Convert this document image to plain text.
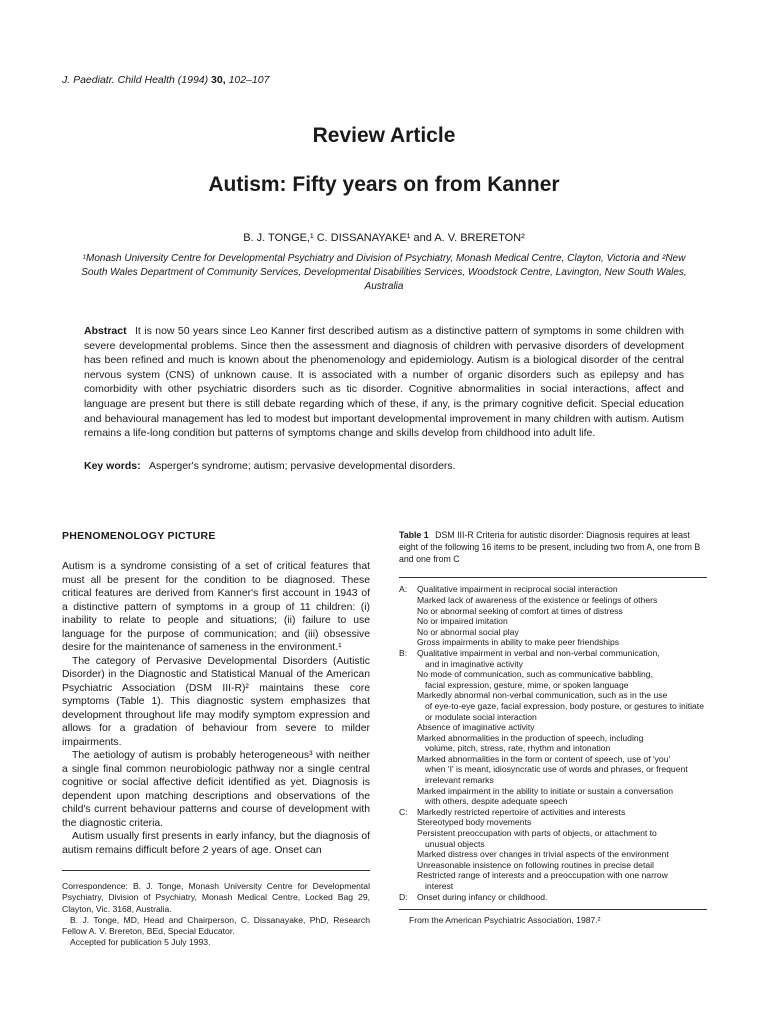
J. Paediatr. Child Health (1994) 30, 102–107
Review Article
Autism: Fifty years on from Kanner
B. J. TONGE,¹ C. DISSANAYAKE¹ and A. V. BRERETON²
¹Monash University Centre for Developmental Psychiatry and Division of Psychiatry, Monash Medical Centre, Clayton, Victoria and ²New South Wales Department of Community Services, Developmental Disabilities Services, Woodstock Centre, Lavington, New South Wales, Australia
Abstract It is now 50 years since Leo Kanner first described autism as a distinctive pattern of symptoms in some children with severe developmental problems. Since then the assessment and diagnosis of children with pervasive disorders of development has been refined and much is known about the phenomenology and epidemiology. Autism is a biological disorder of the central nervous system (CNS) of unknown cause. It is associated with a number of organic disorders such as epilepsy and has comorbidity with other psychiatric disorders such as tic disorder. Cognitive abnormalities in social interactions, affect and language are present but there is still debate regarding which of these, if any, is the primary cognitive deficit. Special education and behavioural management has led to modest but important developmental improvement in many children with autism. Autism remains a life-long condition but patterns of symptoms change and skills develop from childhood into adult life.
Key words: Asperger's syndrome; autism; pervasive developmental disorders.
PHENOMENOLOGY PICTURE

Autism is a syndrome consisting of a set of critical features that must all be present for the condition to be diagnosed. These critical features are derived from Kanner's first account in 1943 of a distinctive pattern of symptoms in a group of 11 children: (i) inability to relate to people and situations; (ii) failure to use language for the purpose of communication; and (iii) obsessive desire for the maintenance of sameness in the environment.¹

The category of Pervasive Developmental Disorders (Autistic Disorder) in the Diagnostic and Statistical Manual of the American Psychiatric Association (DSM III-R)² maintains these core symptoms (Table 1). This diagnostic system emphasizes that development throughout life may modify symptom expression and allows for a gradation of behaviour from severe to milder impairments.

The aetiology of autism is probably heterogeneous³ with neither a single final common neurobiologic pathway nor a single central cognitive or social affective deficit identified as yet. Diagnosis is dependent upon matching descriptions and observations of the child's current behaviour patterns and course of development with the diagnostic criteria.

Autism usually first presents in early infancy, but the diagnosis of autism remains difficult before 2 years of age. Onset can

Correspondence: B. J. Tonge, Monash University Centre for Developmental Psychiatry, Division of Psychiatry, Monash Medical Centre, Locked Bag 29, Clayton, Vic. 3168, Australia.

B. J. Tonge, MD, Head and Chairperson, C. Dissanayake, PhD, Research Fellow A. V. Brereton, BEd, Special Educator.

Accepted for publication 5 July 1993.

Table 1 DSM III-R Criteria for autistic disorder: Diagnosis requires at least eight of the following 16 items to be present, including two from A, one from B and one from C
A:	Qualitative impairment in reciprocal social interaction
Marked lack of awareness of the existence or feelings of others
No or abnormal seeking of comfort at times of distress
No or impaired imitation
No or abnormal social play
Gross impairments in ability to make peer friendships
B:	Qualitative impairment in verbal and non-verbal communication,
and in imaginative activity
No mode of communication, such as communicative babbling,
facial expression, gesture, mime, or spoken language
Markedly abnormal non-verbal communication, such as in the use
of eye-to-eye gaze, facial expression, body posture, or gestures to initiate or modulate social interaction
Absence of imaginative activity
Marked abnormalities in the production of speech, including
volume, pitch, stress, rate, rhythm and intonation
Marked abnormalities in the form or content of speech, use of 'you'
when 'I' is meant, idiosyncratic use of words and phrases, or frequent irrelevant remarks
Marked impairment in the ability to initiate or sustain a conversation
with others, despite adequate speech
C:	Markedly restricted repertoire of activities and interests
Stereotyped body movements
Persistent preoccupation with parts of objects, or attachment to
unusual objects
Marked distress over changes in trivial aspects of the environment
Unreasonable insistence on following routines in precise detail
Restricted range of interests and a preoccupation with one narrow
interest
D:	Onset during infancy or childhood.
From the American Psychiatric Association, 1987.²
